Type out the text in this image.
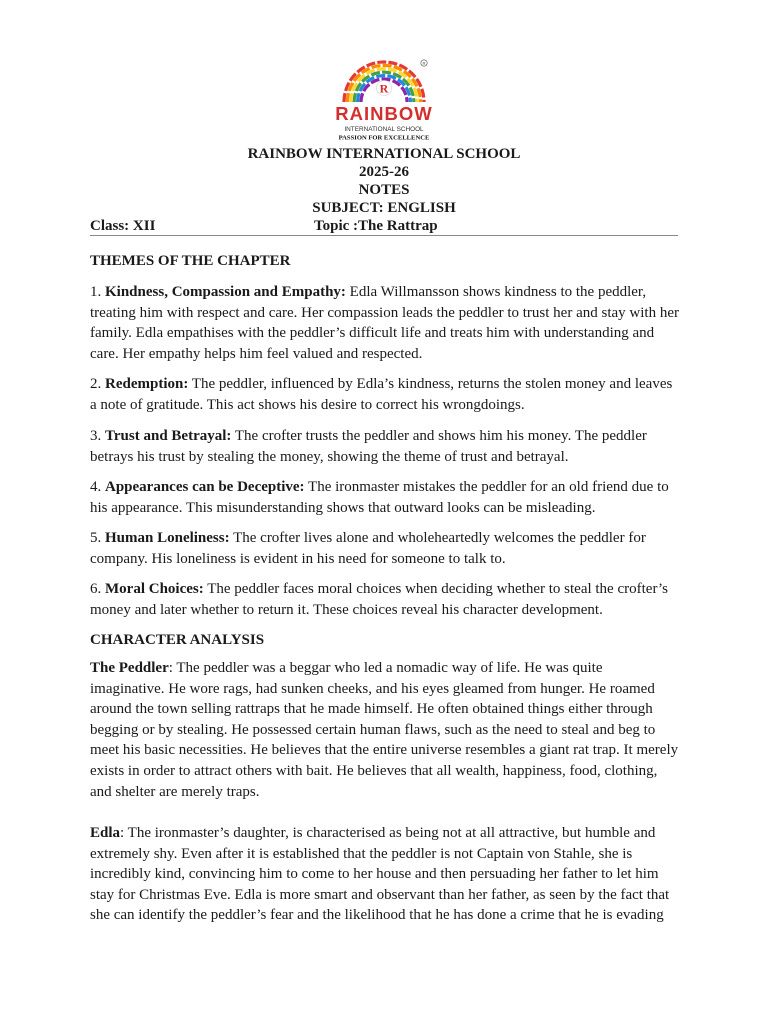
R
R
RAINBOW
INTERNATIONAL SCHOOL
PASSION FOR EXCELLENCE
RAINBOW INTERNATIONAL SCHOOL
2025-26
NOTES
SUBJECT: ENGLISH
Class: XII	Topic :The Rattrap
THEMES OF THE CHAPTER
1. Kindness, Compassion and Empathy: Edla Willmansson shows kindness to the peddler, treating him with respect and care. Her compassion leads the peddler to trust her and stay with her family. Edla empathises with the peddler’s difficult life and treats him with understanding and care. Her empathy helps him feel valued and respected.
2. Redemption: The peddler, influenced by Edla’s kindness, returns the stolen money and leaves a note of gratitude. This act shows his desire to correct his wrongdoings.
3. Trust and Betrayal: The crofter trusts the peddler and shows him his money. The peddler betrays his trust by stealing the money, showing the theme of trust and betrayal.
4. Appearances can be Deceptive: The ironmaster mistakes the peddler for an old friend due to his appearance. This misunderstanding shows that outward looks can be misleading.
5. Human Loneliness: The crofter lives alone and wholeheartedly welcomes the peddler for company. His loneliness is evident in his need for someone to talk to.
6. Moral Choices: The peddler faces moral choices when deciding whether to steal the crofter’s money and later whether to return it. These choices reveal his character development.
CHARACTER ANALYSIS
The Peddler: The peddler was a beggar who led a nomadic way of life. He was quite imaginative. He wore rags, had sunken cheeks, and his eyes gleamed from hunger. He roamed around the town selling rattraps that he made himself. He often obtained things either through begging or by stealing. He possessed certain human flaws, such as the need to steal and beg to meet his basic necessities. He believes that the entire universe resembles a giant rat trap. It merely exists in order to attract others with bait. He believes that all wealth, happiness, food, clothing, and shelter are merely traps.
Edla: The ironmaster’s daughter, is characterised as being not at all attractive, but humble and extremely shy. Even after it is established that the peddler is not Captain von Stahle, she is incredibly kind, convincing him to come to her house and then persuading her father to let him stay for Christmas Eve. Edla is more smart and observant than her father, as seen by the fact that she can identify the peddler’s fear and the likelihood that he has done a crime that he is evading
